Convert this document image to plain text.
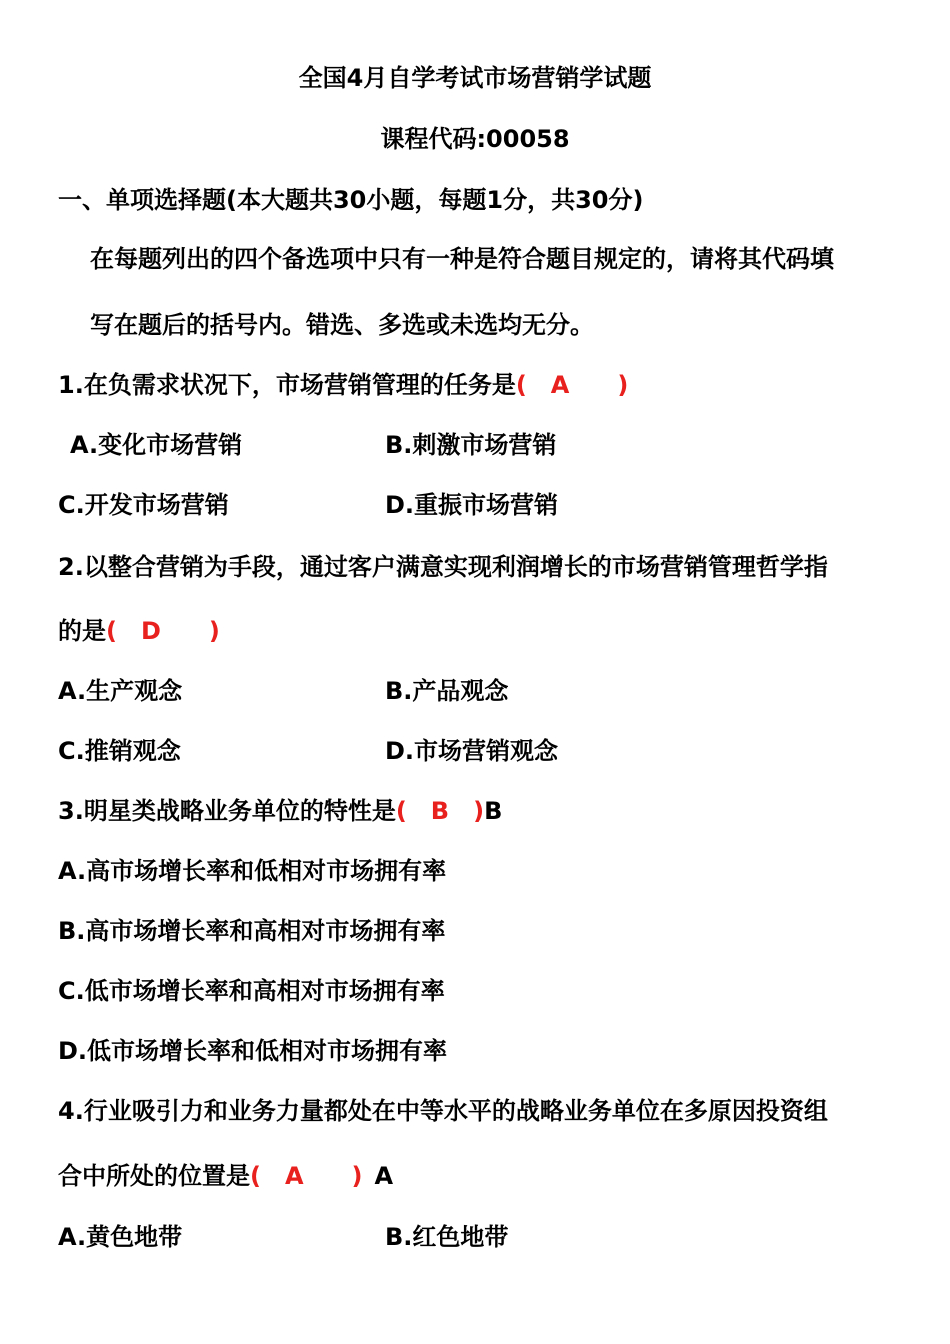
全国4月自学考试市场营销学试题
课程代码:00058
一、单项选择题(本大题共30小题，每题1分，共30分)
在每题列出的四个备选项中只有一种是符合题目规定的，请将其代码填
写在题后的括号内。错选、多选或未选均无分。
1.在负需求状况下，市场营销管理的任务是( A )
A.变化市场营销	B.刺激市场营销
C.开发市场营销	D.重振市场营销
2.以整合营销为手段，通过客户满意实现利润增长的市场营销管理哲学指
的是( D )
A.生产观念	B.产品观念
C.推销观念	D.市场营销观念
3.明星类战略业务单位的特性是( B )B
A.高市场增长率和低相对市场拥有率
B.高市场增长率和高相对市场拥有率
C.低市场增长率和高相对市场拥有率
D.低市场增长率和低相对市场拥有率
4.行业吸引力和业务力量都处在中等水平的战略业务单位在多原因投资组
合中所处的位置是( A ) A
A.黄色地带	B.红色地带
